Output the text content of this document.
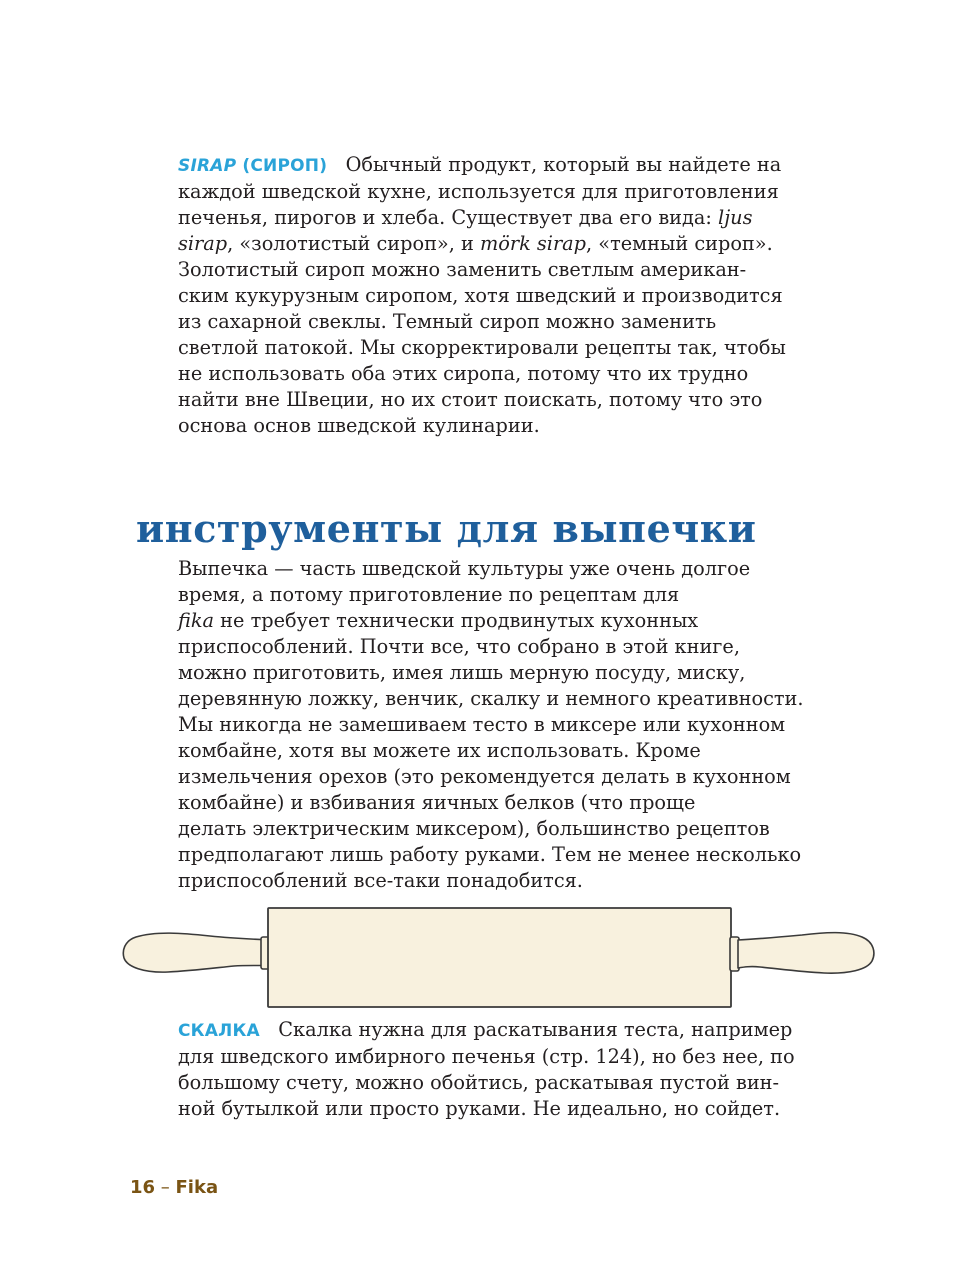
SIRAP (СИРОП) Обычный продукт, который вы найдете на
каждой шведской кухне, используется для приготовления
печенья, пирогов и хлеба. Существует два его вида: ljus
sirap, «золотистый сироп», и mörk sirap, «темный сироп».
Золотистый сироп можно заменить светлым американ-
ским кукурузным сиропом, хотя шведский и производится
из сахарной свеклы. Темный сироп можно заменить
светлой патокой. Мы скорректировали рецепты так, чтобы
не использовать оба этих сиропа, потому что их трудно
найти вне Швеции, но их стоит поискать, потому что это
основа основ шведской кулинарии.
инструменты для выпечки
Выпечка — часть шведской культуры уже очень долгое
время, а потому приготовление по рецептам для
fika не требует технически продвинутых кухонных
приспособлений. Почти все, что собрано в этой книге,
можно приготовить, имея лишь мерную посуду, миску,
деревянную ложку, венчик, скалку и немного креативности.
Мы никогда не замешиваем тесто в миксере или кухонном
комбайне, хотя вы можете их использовать. Кроме
измельчения орехов (это рекомендуется делать в кухонном
комбайне) и взбивания яичных белков (что проще
делать электрическим миксером), большинство рецептов
предполагают лишь работу руками. Тем не менее несколько
приспособлений все-таки понадобится.
СКАЛКА Скалка нужна для раскатывания теста, например
для шведского имбирного печенья (стр. 124), но без нее, по
большому счету, можно обойтись, раскатывая пустой вин-
ной бутылкой или просто руками. Не идеально, но сойдет.
16 – Fika
